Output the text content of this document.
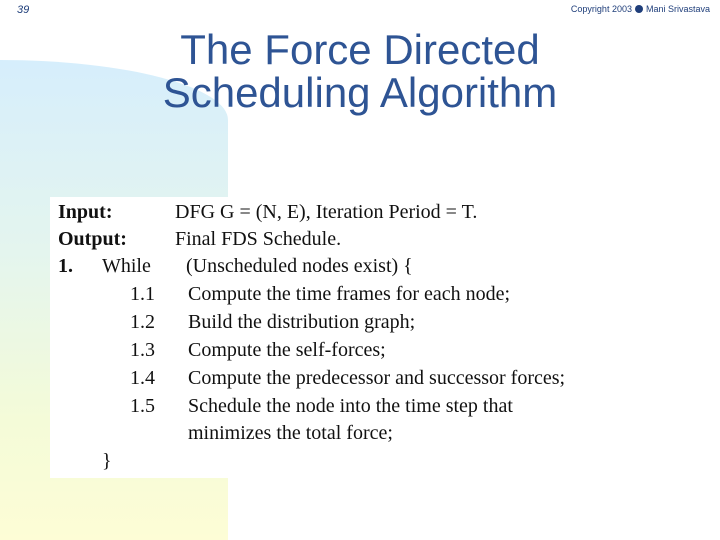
39	Copyright 2003 Mani Srivastava
The Force Directed
Scheduling Algorithm
Input:	DFG G = (N, E), Iteration Period = T.
Output: Final FDS Schedule.
1. While (Unscheduled nodes exist) {
1.1 Compute the time frames for each node;
1.2 Build the distribution graph;
1.3 Compute the self-forces;
1.4 Compute the predecessor and successor forces;
1.5 Schedule the node into the time step that
minimizes the total force;
}
